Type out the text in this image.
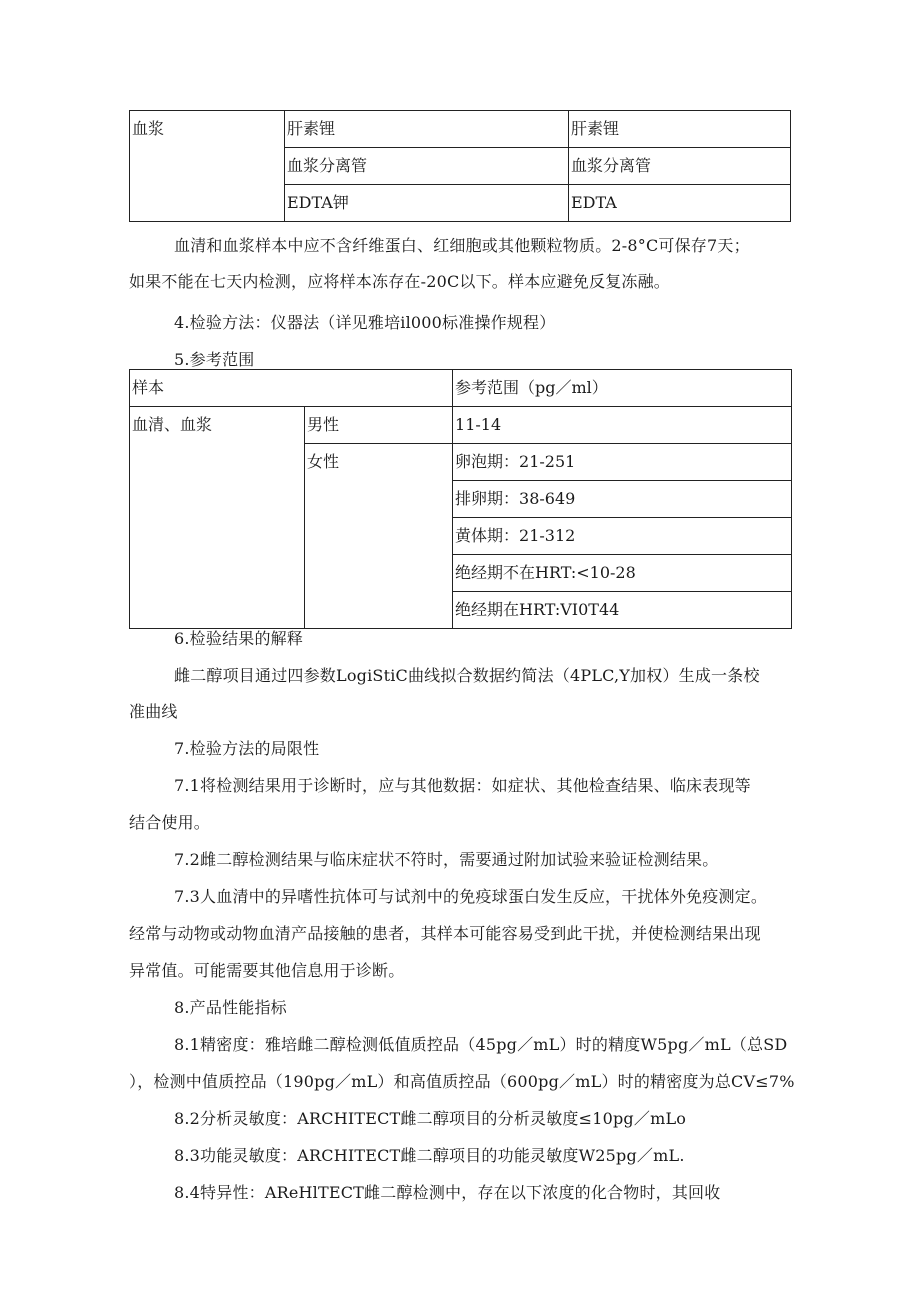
血浆	肝素锂	肝素锂
	血浆分离管	血浆分离管
	EDTA钾	EDTA
血清和血浆样本中应不含纤维蛋白、红细胞或其他颗粒物质。2-8°C可保存7天；
如果不能在七天内检测，应将样本冻存在-20C以下。样本应避免反复冻融。
4.检验方法：仪器法（详见雅培il000标准操作规程）
5.参考范围
样本		参考范围（pg／ml）
血清、血浆	男性	11-14
	女性	卵泡期：21-251
		排卵期：38-649
		黄体期：21-312
		绝经期不在HRT:<10-28
		绝经期在HRT:VI0T44
6.检验结果的解释
雌二醇项目通过四参数LogiStiC曲线拟合数据约简法（4PLC,Y加权）生成一条校
准曲线
7.检验方法的局限性
7.1将检测结果用于诊断时，应与其他数据：如症状、其他检查结果、临床表现等
结合使用。
7.2雌二醇检测结果与临床症状不符时，需要通过附加试验来验证检测结果。
7.3人血清中的异嗜性抗体可与试剂中的免疫球蛋白发生反应，干扰体外免疫测定。
经常与动物或动物血清产品接触的患者，其样本可能容易受到此干扰，并使检测结果出现
异常值。可能需要其他信息用于诊断。
8.产品性能指标
8.1精密度：雅培雌二醇检测低值质控品（45pg／mL）时的精度W5pg／mL（总SD
），检测中值质控品（190pg／mL）和高值质控品（600pg／mL）时的精密度为总CV≤7%
8.2分析灵敏度：ARCHITECT雌二醇项目的分析灵敏度≤10pg／mLo
8.3功能灵敏度：ARCHITECT雌二醇项目的功能灵敏度W25pg／mL.
8.4特异性：AReHlTECT雌二醇检测中，存在以下浓度的化合物时，其回收
